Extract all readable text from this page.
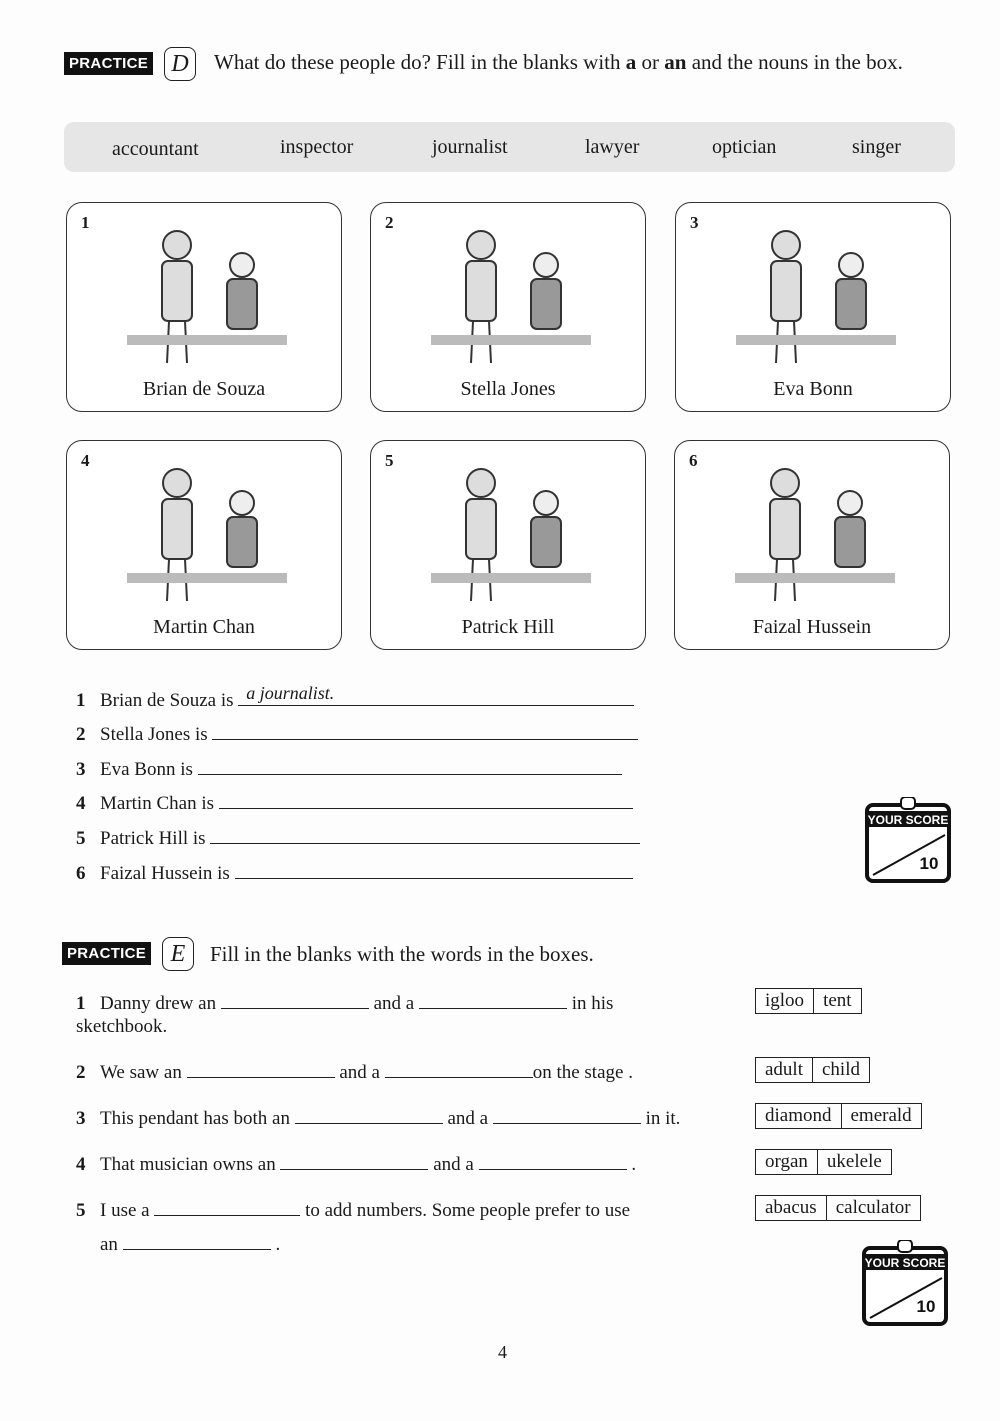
PRACTICE D	What do these people do? Fill in the blanks with a or an and the nouns in the box.
accountant	inspector	journalist	lawyer	optician	singer
1
Brian de Souza
2
Stella Jones
3
Eva Bonn
4
Martin Chan
5
Patrick Hill
6
Faizal Hussein
1 Brian de Souza is a journalist.
2 Stella Jones is
3 Eva Bonn is
4 Martin Chan is
5 Patrick Hill is
6 Faizal Hussein is
YOUR SCORE
10
PRACTICE	E	Fill in the blanks with the words in the boxes.
1 Danny drew an	and a	in his sketchbook.
2 We saw an	and a	on the stage .
3 This pendant has both an	and a	in it.
4 That musician owns an	and a	.
5 I use a	to add numbers. Some people prefer to use
an	.
igloo	tent
adult	child
diamond	emerald
organ	ukelele
abacus	calculator
YOUR SCORE
10
4
